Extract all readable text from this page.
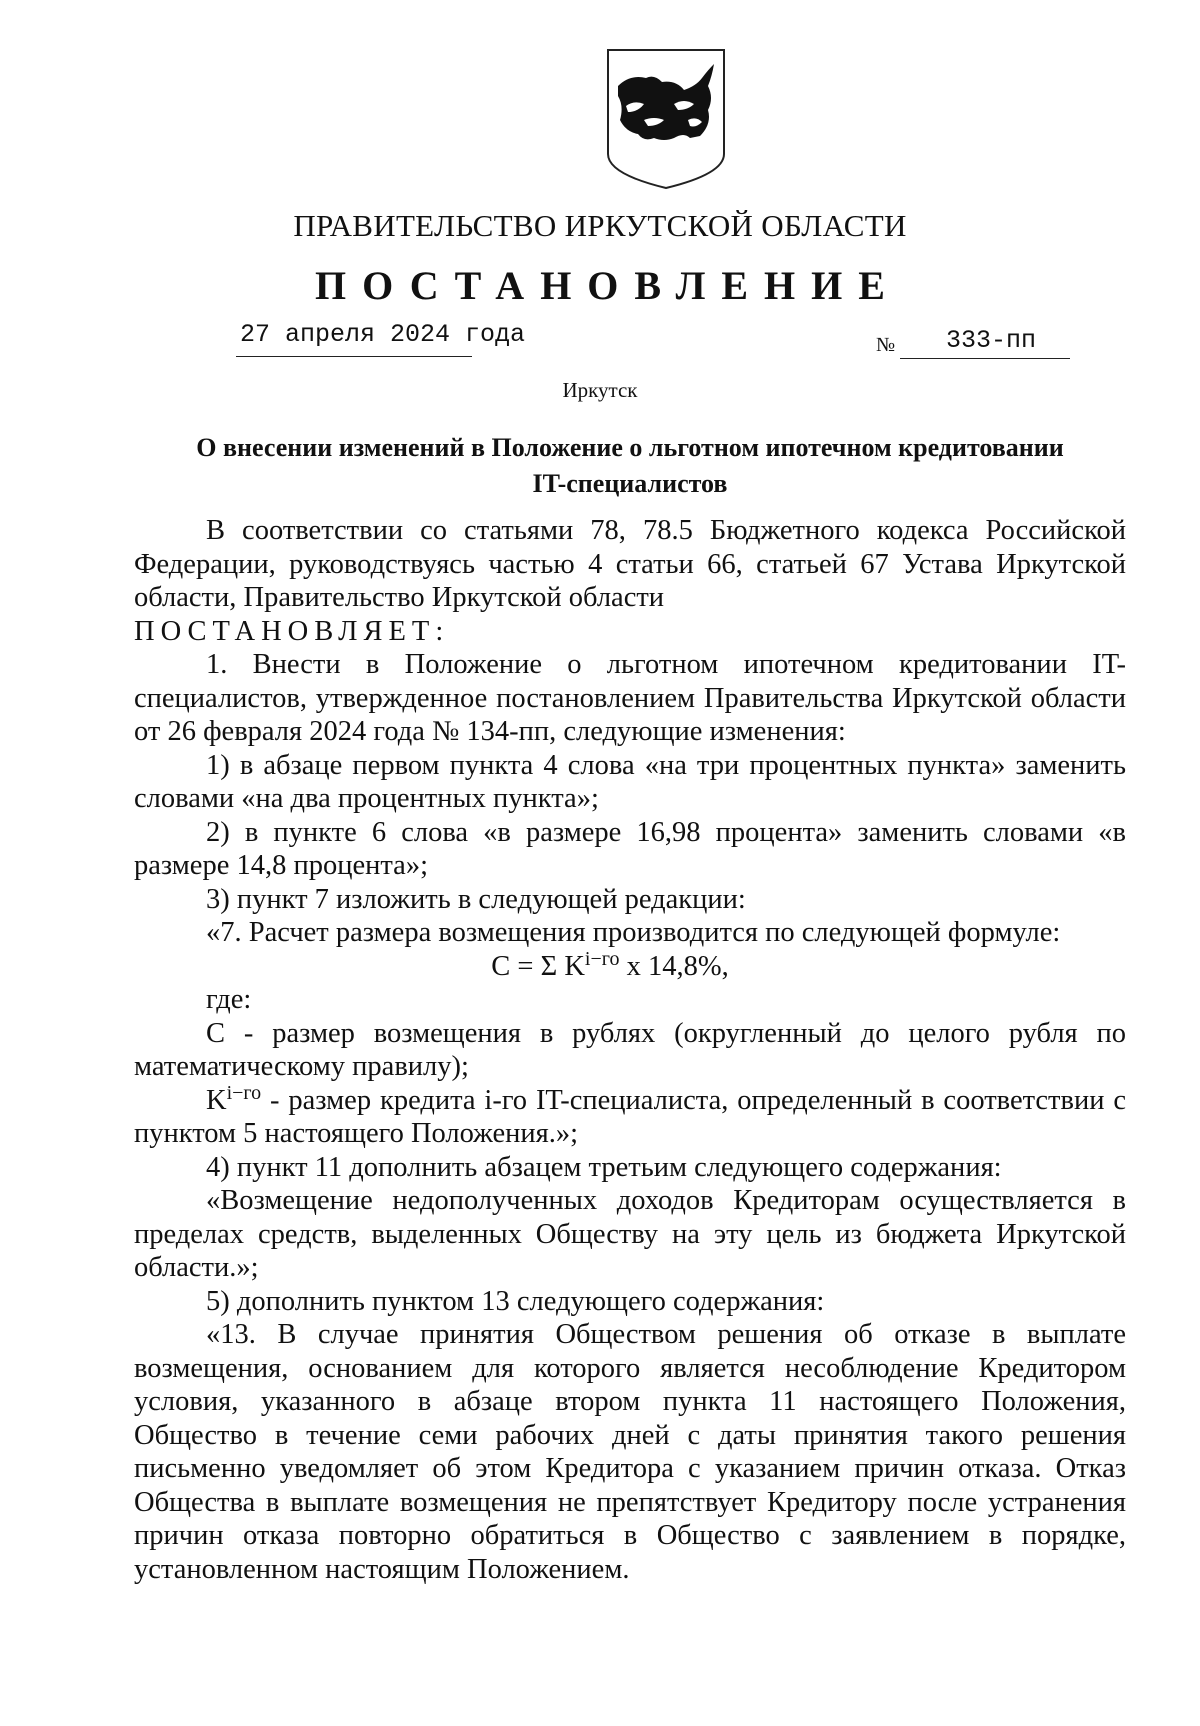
ПРАВИТЕЛЬСТВО ИРКУТСКОЙ ОБЛАСТИ
ПОСТАНОВЛЕНИЕ
27 апреля 2024 года	№ 333-пп
Иркутск
О внесении изменений в Положение о льготном ипотечном кредитовании
IT-специалистов

В соответствии со статьями 78, 78.5 Бюджетного кодекса Российской Федерации, руководствуясь частью 4 статьи 66, статьей 67 Устава Иркутской области, Правительство Иркутской области

ПОСТАНОВЛЯЕТ:

1. Внести в Положение о льготном ипотечном кредитовании IT-специалистов, утвержденное постановлением Правительства Иркутской области от 26 февраля 2024 года № 134-пп, следующие изменения:

1) в абзаце первом пункта 4 слова «на три процентных пункта» заменить словами «на два процентных пункта»;

2) в пункте 6 слова «в размере 16,98 процента» заменить словами «в размере 14,8 процента»;

3) пункт 7 изложить в следующей редакции:

«7. Расчет размера возмещения производится по следующей формуле:

C = Σ $K^{i-го}$ x 14,8%,

где:

C - размер возмещения в рублях (округленный до целого рубля по математическому правилу);

$K^{i-го}$ - размер кредита i-го IT-специалиста, определенный в соответствии с пунктом 5 настоящего Положения.»;

4) пункт 11 дополнить абзацем третьим следующего содержания:

«Возмещение недополученных доходов Кредиторам осуществляется в пределах средств, выделенных Обществу на эту цель из бюджета Иркутской области.»;

5) дополнить пунктом 13 следующего содержания:

«13. В случае принятия Обществом решения об отказе в выплате возмещения, основанием для которого является несоблюдение Кредитором условия, указанного в абзаце втором пункта 11 настоящего Положения, Общество в течение семи рабочих дней с даты принятия такого решения письменно уведомляет об этом Кредитора с указанием причин отказа. Отказ Общества в выплате возмещения не препятствует Кредитору после устранения причин отказа повторно обратиться в Общество с заявлением в порядке, установленном настоящим Положением.
